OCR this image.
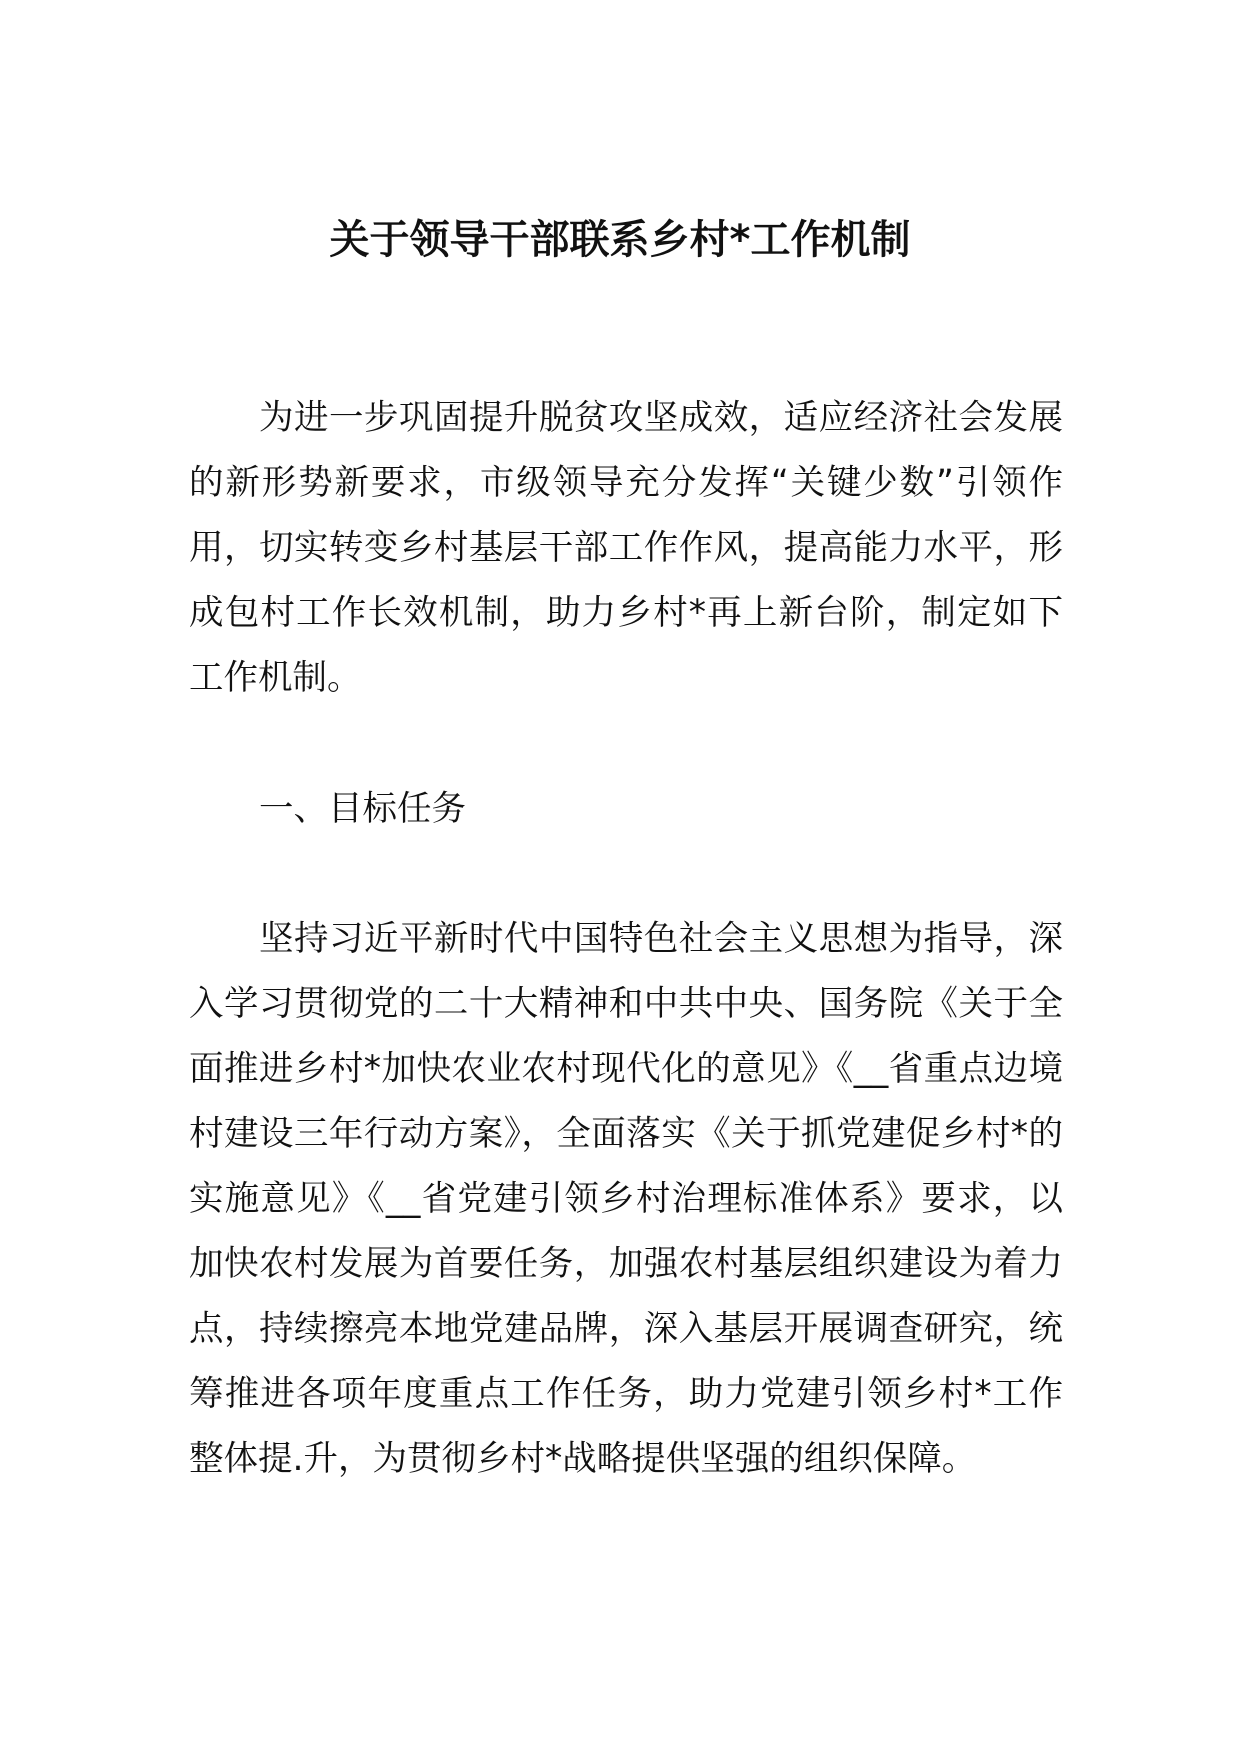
关于领导干部联系乡村*工作机制
为进一步巩固提升脱贫攻坚成效，适应经济社会发展的新形势新要求，市级领导充分发挥“关键少数”引领作用，切实转变乡村基层干部工作作风，提高能力水平，形成包村工作长效机制，助力乡村*再上新台阶，制定如下工作机制。
一、目标任务
坚持习近平新时代中国特色社会主义思想为指导，深入学习贯彻党的二十大精神和中共中央、国务院《关于全面推进乡村*加快农业农村现代化的意见》《__省重点边境村建设三年行动方案》，全面落实《关于抓党建促乡村*的实施意见》《__省党建引领乡村治理标准体系》要求，以加快农村发展为首要任务，加强农村基层组织建设为着力点，持续擦亮本地党建品牌，深入基层开展调查研究，统筹推进各项年度重点工作任务，助力党建引领乡村*工作整体提.升，为贯彻乡村*战略提供坚强的组织保障。
